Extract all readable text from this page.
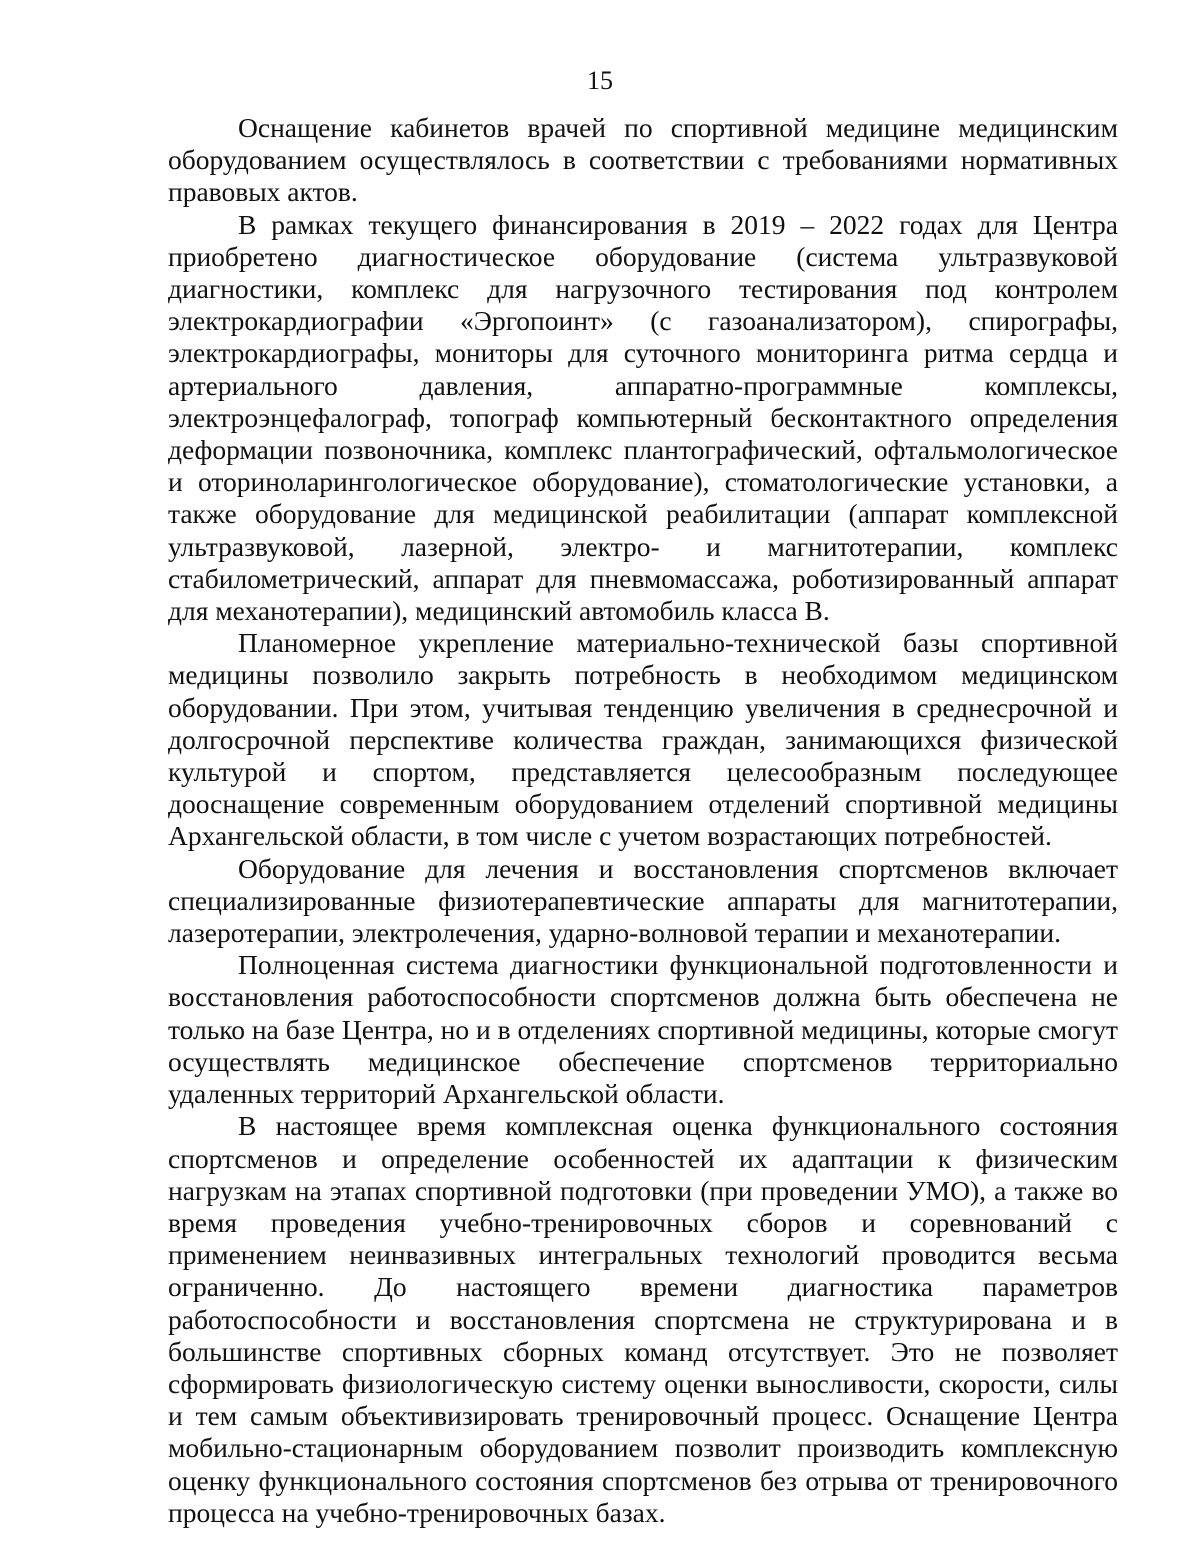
15

Оснащение кабинетов врачей по спортивной медицине медицинским оборудованием осуществлялось в соответствии с требованиями нормативных правовых актов.

В рамках текущего финансирования в 2019 – 2022 годах для Центра приобретено диагностическое оборудование (система ультразвуковой диагностики, комплекс для нагрузочного тестирования под контролем электрокардиографии «Эргопоинт» (с газоанализатором), спирографы, электрокардиографы, мониторы для суточного мониторинга ритма сердца и артериального давления, аппаратно-программные комплексы, электроэнцефалограф, топограф компьютерный бесконтактного определения деформации позвоночника, комплекс плантографический, офтальмологическое и оториноларингологическое оборудование), стоматологические установки, а также оборудование для медицинской реабилитации (аппарат комплексной ультразвуковой, лазерной, электро- и магнитотерапии, комплекс стабилометрический, аппарат для пневмомассажа, роботизированный аппарат для механотерапии), медицинский автомобиль класса B.

Планомерное укрепление материально-технической базы спортивной медицины позволило закрыть потребность в необходимом медицинском оборудовании. При этом, учитывая тенденцию увеличения в среднесрочной и долгосрочной перспективе количества граждан, занимающихся физической культурой и спортом, представляется целесообразным последующее дооснащение современным оборудованием отделений спортивной медицины Архангельской области, в том числе с учетом возрастающих потребностей.

Оборудование для лечения и восстановления спортсменов включает специализированные физиотерапевтические аппараты для магнитотерапии, лазеротерапии, электролечения, ударно-волновой терапии и механотерапии.

Полноценная система диагностики функциональной подготовленности и восстановления работоспособности спортсменов должна быть обеспечена не только на базе Центра, но и в отделениях спортивной медицины, которые смогут осуществлять медицинское обеспечение спортсменов территориально удаленных территорий Архангельской области.

В настоящее время комплексная оценка функционального состояния спортсменов и определение особенностей их адаптации к физическим нагрузкам на этапах спортивной подготовки (при проведении УМО), а также во время проведения учебно-тренировочных сборов и соревнований с применением неинвазивных интегральных технологий проводится весьма ограниченно. До настоящего времени диагностика параметров работоспособности и восстановления спортсмена не структурирована и в большинстве спортивных сборных команд отсутствует. Это не позволяет сформировать физиологическую систему оценки выносливости, скорости, силы и тем самым объективизировать тренировочный процесс. Оснащение Центра мобильно-стационарным оборудованием позволит производить комплексную оценку функционального состояния спортсменов без отрыва от тренировочного процесса на учебно-тренировочных базах.
